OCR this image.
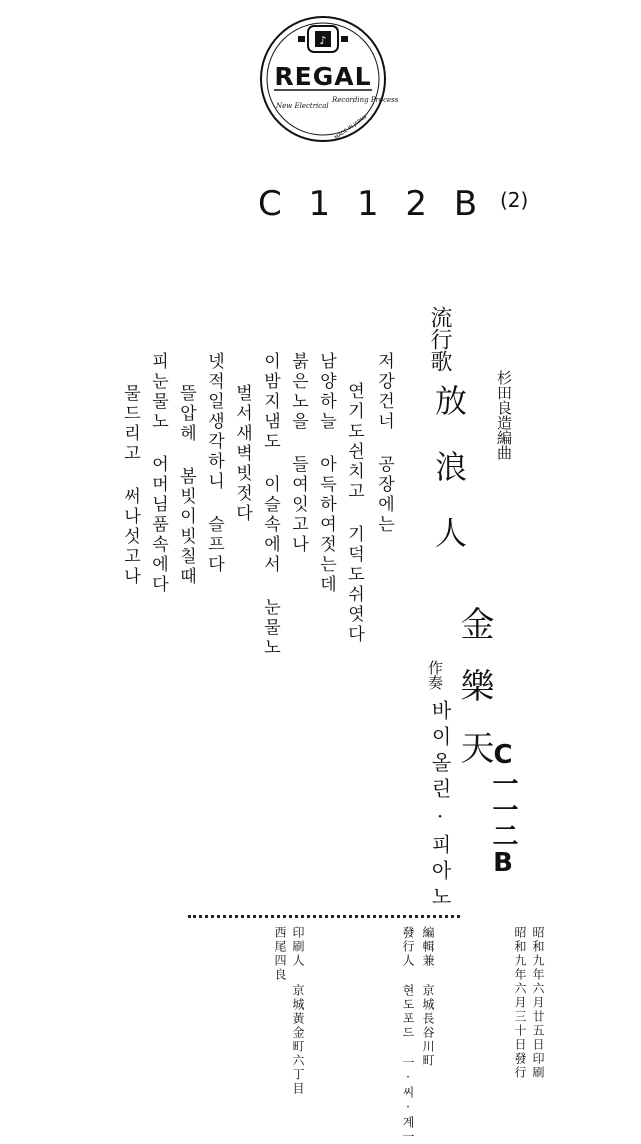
♪
REGAL
New Electrical
Recording Process
MADE IN JAPAN
C 1 1 2 B (2)
流行歌
放浪人 杉田良造編曲
金樂天
作奏
바이올린·피아노 C一一二B
저강건너 공장에는
연기도쉰치고 기덕도쉬엿다
남양하늘 아득하여젓는데
붉은노을 들여잇고나
이밤지냄도 이슬속에서 눈물노
벌서새벽빗젓다
넷적일생각하니 슬프다
뜰압헤 봄빗이빗칠때
피눈물노 어머님품속에다
물드리고 써나섯고나
昭和九年六月廿五日印刷
昭和九年六月三十日發行
編輯兼 京城長谷川町
發行人 현도포드 一·씨·계一
印刷人 京城黃金町六丁目
西尾四良
